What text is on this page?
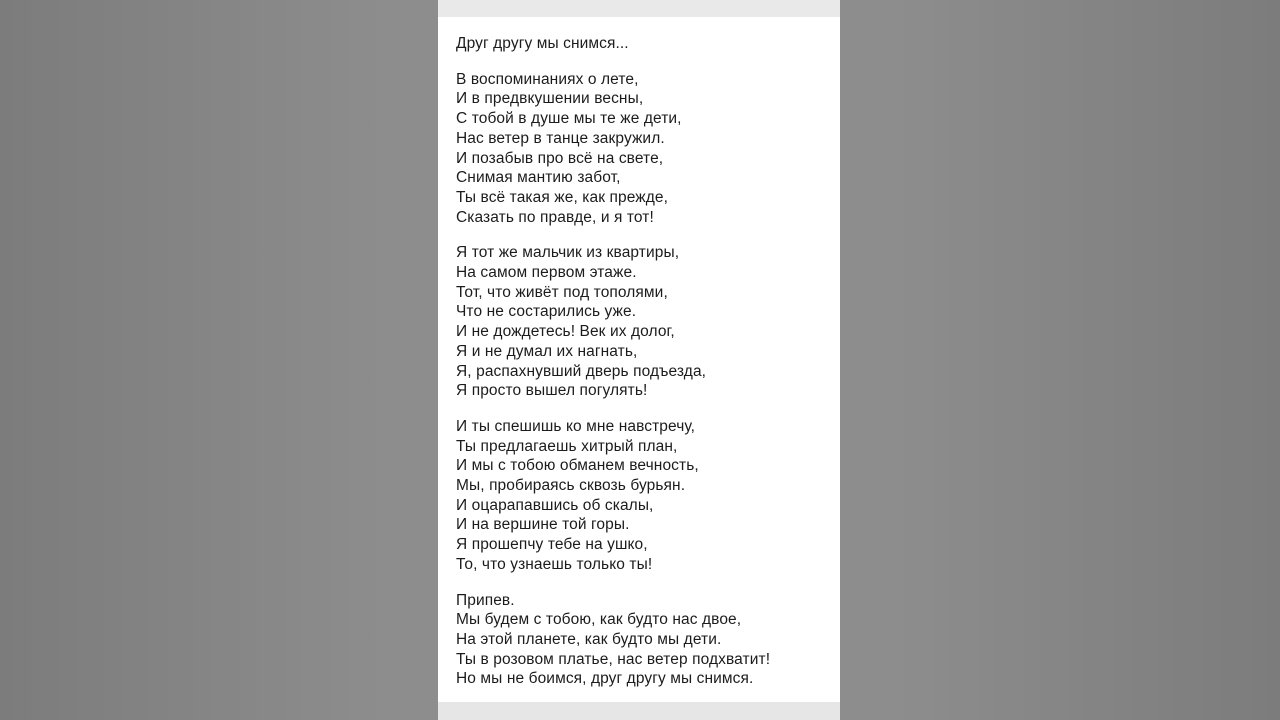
Друг другу мы снимся...
В воспоминаниях о лете,
И в предвкушении весны,
С тобой в душе мы те же дети,
Нас ветер в танце закружил.
И позабыв про всё на свете,
Снимая мантию забот,
Ты всё такая же, как прежде,
Сказать по правде, и я тот!
Я тот же мальчик из квартиры,
На самом первом этаже.
Тот, что живёт под тополями,
Что не состарились уже.
И не дождетесь! Век их долог,
Я и не думал их нагнать,
Я, распахнувший дверь подъезда,
Я просто вышел погулять!
И ты спешишь ко мне навстречу,
Ты предлагаешь хитрый план,
И мы с тобою обманем вечность,
Мы, пробираясь сквозь бурьян.
И оцарапавшись об скалы,
И на вершине той горы.
Я прошепчу тебе на ушко,
То, что узнаешь только ты!
Припев.
Мы будем с тобою, как будто нас двое,
На этой планете, как будто мы дети.
Ты в розовом платье, нас ветер подхватит!
Но мы не боимся, друг другу мы снимся.
